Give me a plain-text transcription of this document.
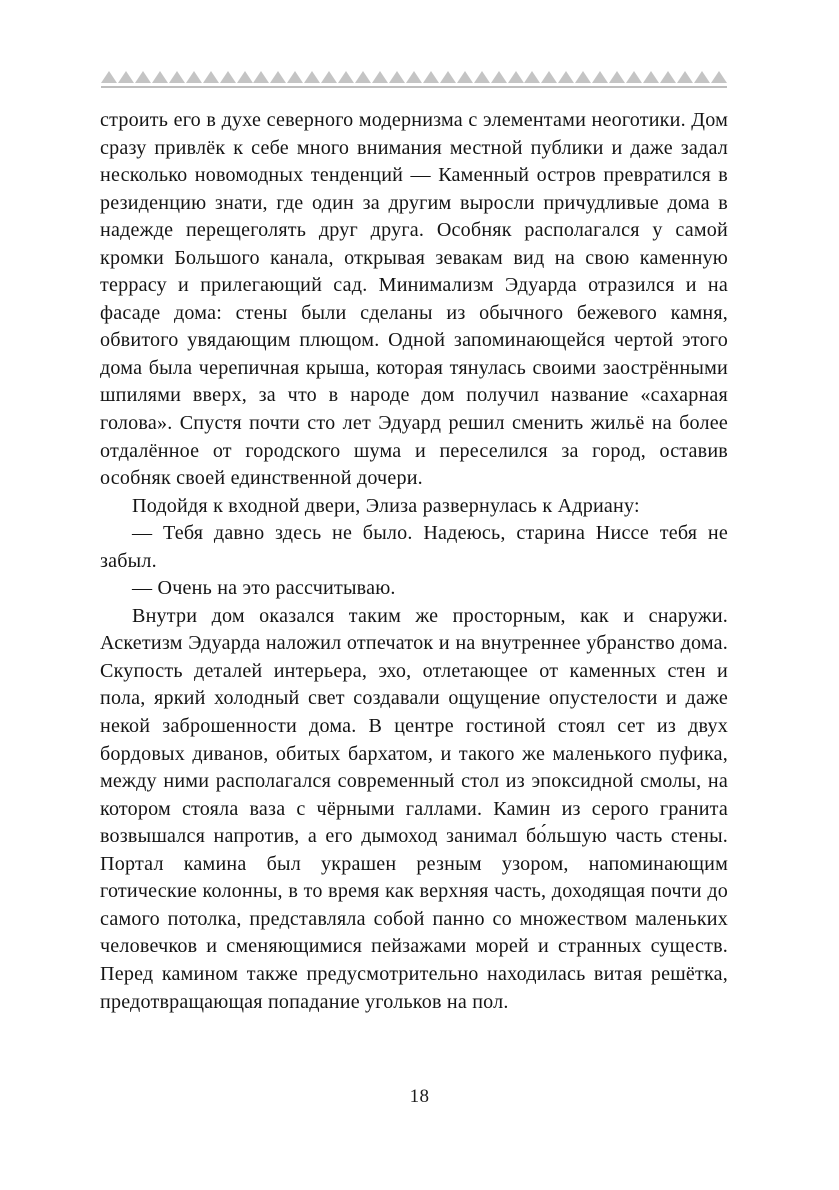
строить его в духе северного модернизма с элементами неоготики. Дом сразу привлёк к себе много внимания местной публики и даже задал несколько новомодных тенденций — Каменный остров превратился в резиденцию знати, где один за другим выросли причудливые дома в надежде перещеголять друг друга. Особняк располагался у самой кромки Большого канала, открывая зевакам вид на свою каменную террасу и прилегающий сад. Минимализм Эдуарда отразился и на фасаде дома: стены были сделаны из обычного бежевого камня, обвитого увядающим плющом. Одной запоминающейся чертой этого дома была черепичная крыша, которая тянулась своими заострёнными шпилями вверх, за что в народе дом получил название «сахарная голова». Спустя почти сто лет Эдуард решил сменить жильё на более отдалённое от городского шума и переселился за город, оставив особняк своей единственной дочери.

Подойдя к входной двери, Элиза развернулась к Адриану:

— Тебя давно здесь не было. Надеюсь, старина Ниссе тебя не забыл.

— Очень на это рассчитываю.

Внутри дом оказался таким же просторным, как и снаружи. Аскетизм Эдуарда наложил отпечаток и на внутреннее убранство дома. Скупость деталей интерьера, эхо, отлетающее от каменных стен и пола, яркий холодный свет создавали ощущение опустелости и даже некой заброшенности дома. В центре гостиной стоял сет из двух бордовых диванов, обитых бархатом, и такого же маленького пуфика, между ними располагался современный стол из эпоксидной смолы, на котором стояла ваза с чёрными галлами. Камин из серого гранита возвышался напротив, а его дымоход занимал бо́льшую часть стены. Портал камина был украшен резным узором, напоминающим готические колонны, в то время как верхняя часть, доходящая почти до самого потолка, представляла собой панно со множеством маленьких человечков и сменяющимися пейзажами морей и странных существ. Перед камином также предусмотрительно находилась витая решётка, предотвращающая попадание угольков на пол.

18
